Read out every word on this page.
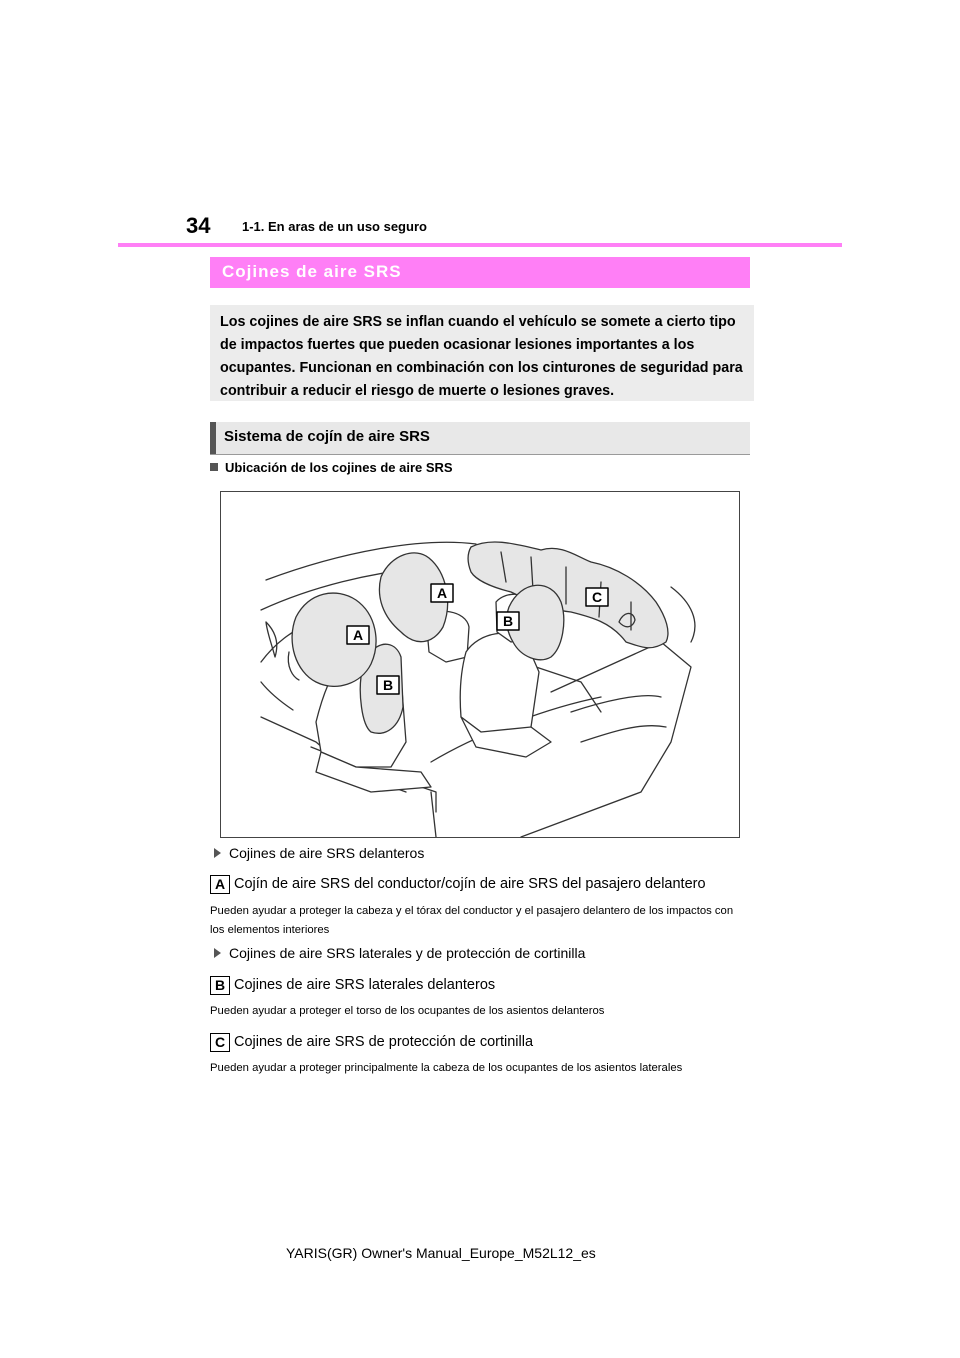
34 1-1. En aras de un uso seguro
Cojines de aire SRS

Los cojines de aire SRS se inflan cuando el vehículo se somete a cierto tipo de impactos fuertes que pueden ocasionar lesiones importantes a los ocupantes. Funcionan en combinación con los cinturones de seguridad para contribuir a reducir el riesgo de muerte o lesiones graves.

Sistema de cojín de aire SRS
Ubicación de los cojines de aire SRS
A
A
B
B
C
Cojines de aire SRS delanteros
A Cojín de aire SRS del conductor/cojín de aire SRS del pasajero delantero
Pueden ayudar a proteger la cabeza y el tórax del conductor y el pasajero delantero de los impactos con los elementos interiores
Cojines de aire SRS laterales y de protección de cortinilla
B Cojines de aire SRS laterales delanteros
Pueden ayudar a proteger el torso de los ocupantes de los asientos delanteros
C Cojines de aire SRS de protección de cortinilla
Pueden ayudar a proteger principalmente la cabeza de los ocupantes de los asientos laterales
YARIS(GR) Owner's Manual_Europe_M52L12_es
